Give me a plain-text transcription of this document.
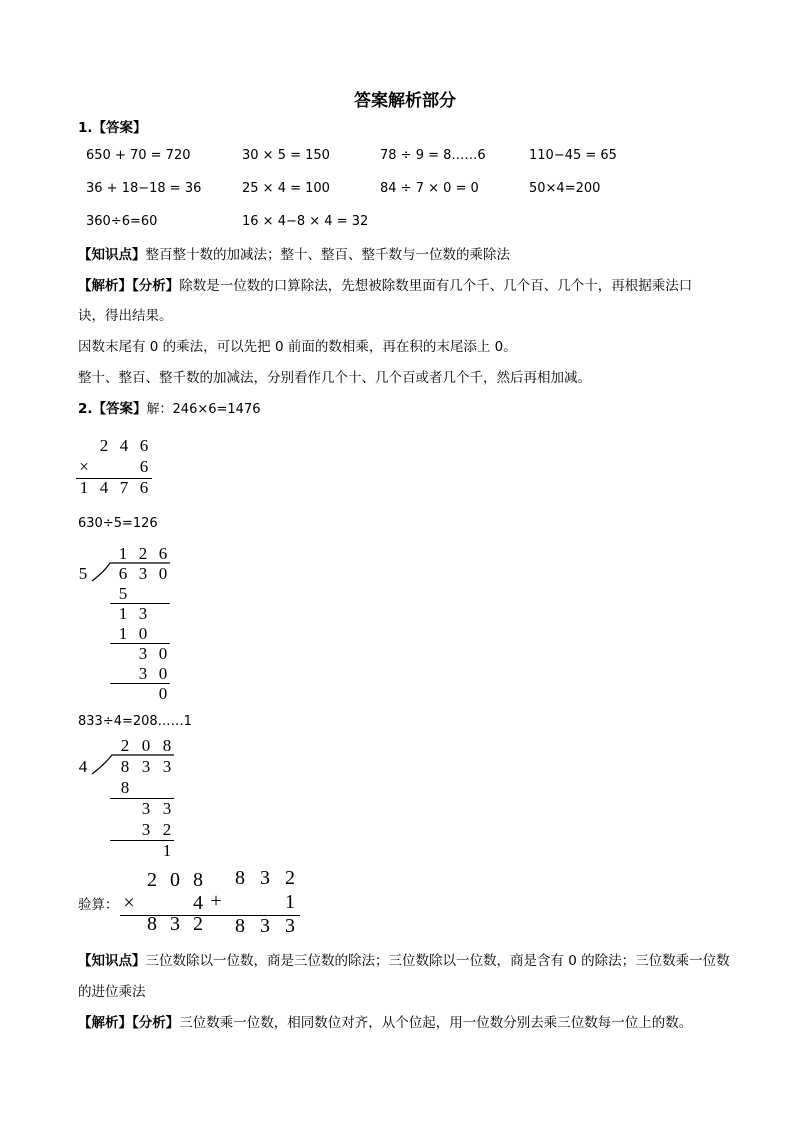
答案解析部分
1.【答案】
650 + 70 = 720	30 × 5 = 150	78 ÷ 9 = 8……6	110−45 = 65
36 + 18−18 = 36	25 × 4 = 100	84 ÷ 7 × 0 = 0	50×4=200
360÷6=60	16 × 4−8 × 4 = 32
【知识点】整百整十数的加减法；整十、整百、整千数与一位数的乘除法
【解析】【分析】除数是一位数的口算除法，先想被除数里面有几个千、几个百、几个十，再根据乘法口
诀，得出结果。
因数末尾有 0 的乘法，可以先把 0 前面的数相乘，再在积的末尾添上 0。
整十、整百、整千数的加减法，分别看作几个十、几个百或者几个千，然后再相加减。
2.【答案】解：246×6=1476
2 4 6
×	6
1 4 7 6
630÷5=126
1 2 6
5	6 3 0
5
1 3
1 0
3 0
3 0
0
833÷4=208……1
2 0 8
4	8 3 3
8
3 3
3 2
1
验算：
2 0 8
×	4
8 3 2
8 3 2
+	1
8 3 3
【知识点】三位数除以一位数，商是三位数的除法；三位数除以一位数，商是含有 0 的除法；三位数乘一位数
的进位乘法
【解析】【分析】三位数乘一位数，相同数位对齐，从个位起，用一位数分别去乘三位数每一位上的数。
